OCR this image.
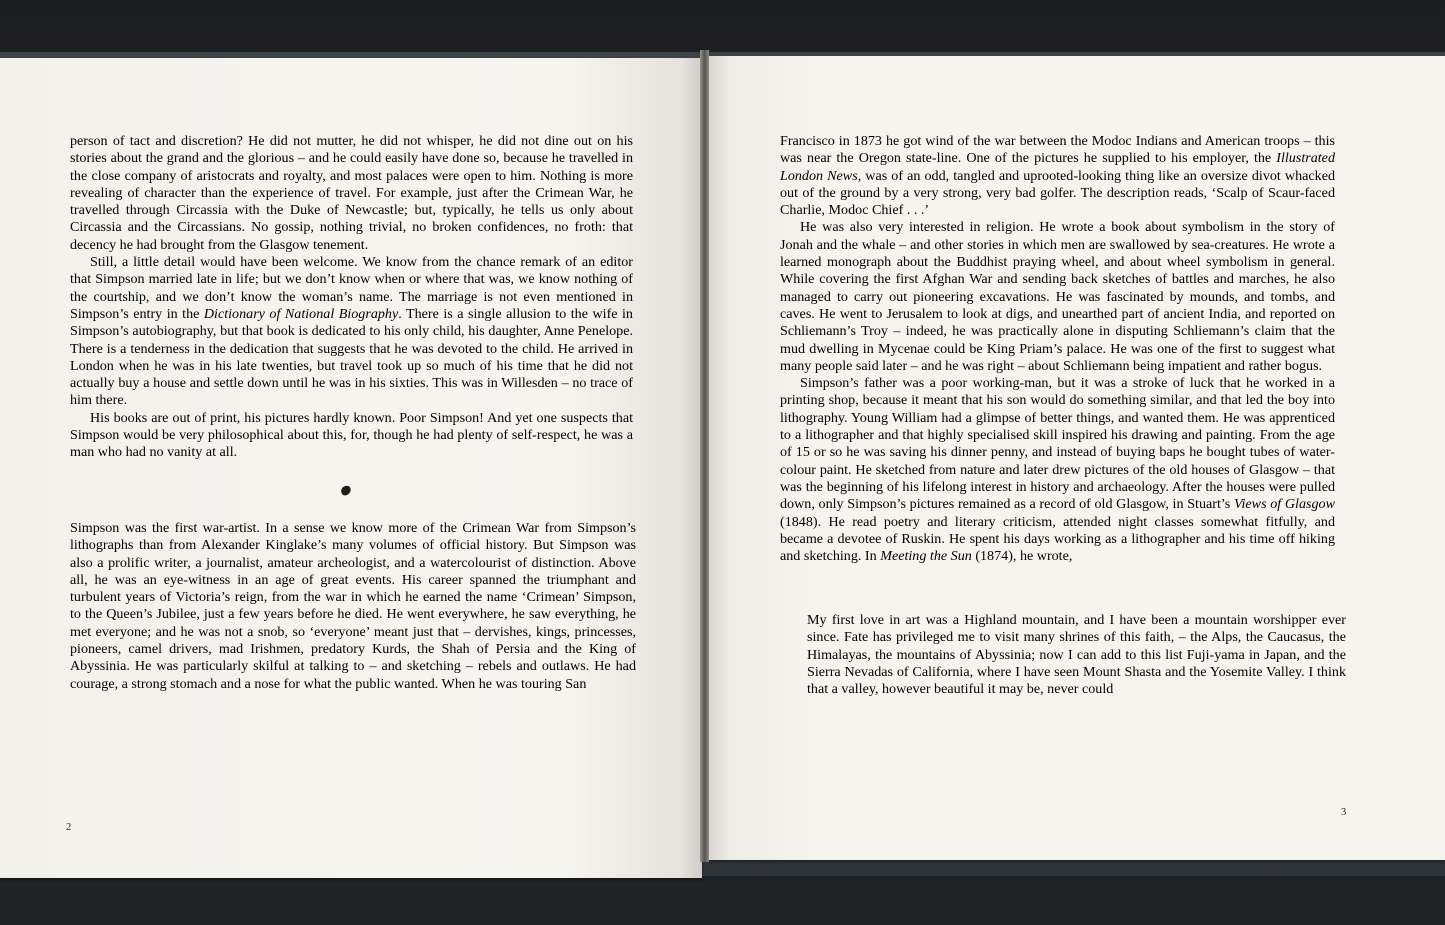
person of tact and discretion? He did not mutter, he did not whisper, he did not dine out on his stories about the grand and the glorious – and he could easily have done so, because he travelled in the close company of aristocrats and royalty, and most palaces were open to him. Nothing is more revealing of character than the experience of travel. For example, just after the Crimean War, he travelled through Circassia with the Duke of Newcastle; but, typically, he tells us only about Circassia and the Circassians. No gossip, nothing trivial, no broken confidences, no froth: that decency he had brought from the Glasgow tenement.

Still, a little detail would have been welcome. We know from the chance remark of an editor that Simpson married late in life; but we don’t know when or where that was, we know nothing of the courtship, and we don’t know the woman’s name. The marriage is not even mentioned in Simpson’s entry in the Dictionary of National Biography. There is a single allusion to the wife in Simpson’s autobiography, but that book is dedicated to his only child, his daughter, Anne Penelope. There is a tenderness in the dedication that suggests that he was devoted to the child. He arrived in London when he was in his late twenties, but travel took up so much of his time that he did not actually buy a house and settle down until he was in his sixties. This was in Willesden – no trace of him there.

His books are out of print, his pictures hardly known. Poor Simpson! And yet one suspects that Simpson would be very philosophical about this, for, though he had plenty of self-respect, he was a man who had no vanity at all.

Simpson was the first war-artist. In a sense we know more of the Crimean War from Simpson’s lithographs than from Alexander Kinglake’s many volumes of official history. But Simpson was also a prolific writer, a journalist, amateur archeologist, and a watercolourist of distinction. Above all, he was an eye-witness in an age of great events. His career spanned the triumphant and turbulent years of Victoria’s reign, from the war in which he earned the name ‘Crimean’ Simpson, to the Queen’s Jubilee, just a few years before he died. He went everywhere, he saw everything, he met everyone; and he was not a snob, so ‘everyone’ meant just that – dervishes, kings, princesses, pioneers, camel drivers, mad Irishmen, predatory Kurds, the Shah of Persia and the King of Abyssinia. He was particularly skilful at talking to – and sketching – rebels and outlaws. He had courage, a strong stomach and a nose for what the public wanted. When he was touring San

2

Francisco in 1873 he got wind of the war between the Modoc Indians and American troops – this was near the Oregon state-line. One of the pictures he supplied to his employer, the Illustrated London News, was of an odd, tangled and uprooted-looking thing like an oversize divot whacked out of the ground by a very strong, very bad golfer. The description reads, ‘Scalp of Scaur-faced Charlie, Modoc Chief . . .’

He was also very interested in religion. He wrote a book about symbolism in the story of Jonah and the whale – and other stories in which men are swallowed by sea-creatures. He wrote a learned monograph about the Buddhist praying wheel, and about wheel symbolism in general. While covering the first Afghan War and sending back sketches of battles and marches, he also managed to carry out pioneering excavations. He was fascinated by mounds, and tombs, and caves. He went to Jerusalem to look at digs, and unearthed part of ancient India, and reported on Schliemann’s Troy – indeed, he was practically alone in disputing Schliemann’s claim that the mud dwelling in Mycenae could be King Priam’s palace. He was one of the first to suggest what many people said later – and he was right – about Schliemann being impatient and rather bogus.

Simpson’s father was a poor working-man, but it was a stroke of luck that he worked in a printing shop, because it meant that his son would do something similar, and that led the boy into lithography. Young William had a glimpse of better things, and wanted them. He was apprenticed to a lithographer and that highly specialised skill inspired his drawing and painting. From the age of 15 or so he was saving his dinner penny, and instead of buying baps he bought tubes of water-colour paint. He sketched from nature and later drew pictures of the old houses of Glasgow – that was the beginning of his lifelong interest in history and archaeology. After the houses were pulled down, only Simpson’s pictures remained as a record of old Glasgow, in Stuart’s Views of Glasgow (1848). He read poetry and literary criticism, attended night classes somewhat fitfully, and became a devotee of Ruskin. He spent his days working as a lithographer and his time off hiking and sketching. In Meeting the Sun (1874), he wrote,

My first love in art was a Highland mountain, and I have been a mountain worshipper ever since. Fate has privileged me to visit many shrines of this faith, – the Alps, the Caucasus, the Himalayas, the mountains of Abyssinia; now I can add to this list Fuji-yama in Japan, and the Sierra Nevadas of California, where I have seen Mount Shasta and the Yosemite Valley. I think that a valley, however beautiful it may be, never could

3
